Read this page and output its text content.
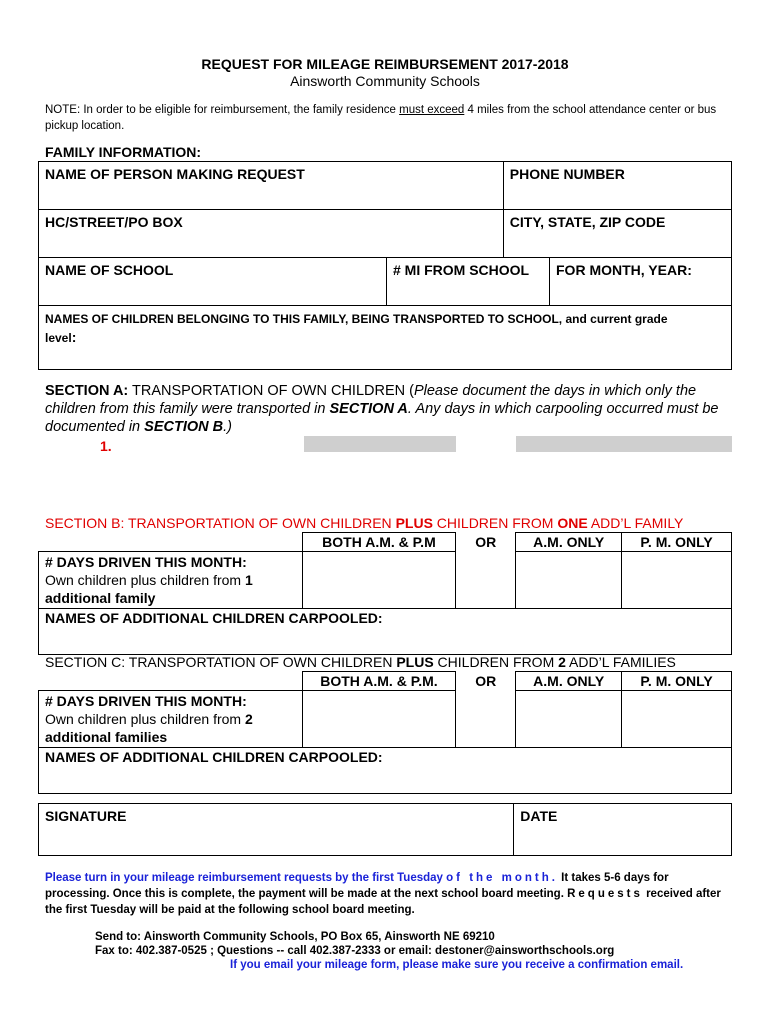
REQUEST FOR MILEAGE REIMBURSEMENT 2017-2018
Ainsworth Community Schools
NOTE: In order to be eligible for reimbursement, the family residence must exceed 4 miles from the school attendance center or bus pickup location.
FAMILY INFORMATION:
NAME OF PERSON MAKING REQUEST		PHONE NUMBER	
HC/STREET/PO BOX		CITY, STATE, ZIP CODE	
NAME OF SCHOOL	# MI FROM SCHOOL		FOR MONTH, YEAR:
NAMES OF CHILDREN BELONGING TO THIS FAMILY, BEING TRANSPORTED TO SCHOOL, and current grade
level:			
SECTION A: TRANSPORTATION OF OWN CHILDREN (Please document the days in which only the children from this family were transported in SECTION A. Any days in which carpooling occurred must be documented in SECTION B.)
1.
SECTION B: TRANSPORTATION OF OWN CHILDREN PLUS CHILDREN FROM ONE ADD’L FAMILY
	BOTH A.M. & P.M	OR	A.M. ONLY	P. M. ONLY
# DAYS DRIVEN THIS MONTH:
Own children plus children from 1
additional family				
NAMES OF ADDITIONAL CHILDREN CARPOOLED:				
SECTION C: TRANSPORTATION OF OWN CHILDREN PLUS CHILDREN FROM 2 ADD’L FAMILIES
	BOTH A.M. & P.M.	OR	A.M. ONLY	P. M. ONLY
# DAYS DRIVEN THIS MONTH:
Own children plus children from 2
additional families				
NAMES OF ADDITIONAL CHILDREN CARPOOLED:				
SIGNATURE	DATE
Please turn in your mileage reimbursement requests by the first Tuesday of the month. It takes 5-6 days for processing. Once this is complete, the payment will be made at the next school board meeting. Requests received after the first Tuesday will be paid at the following school board meeting.
Send to: Ainsworth Community Schools, PO Box 65, Ainsworth NE 69210
Fax to: 402.387-0525 ; Questions -- call 402.387-2333 or email: destoner@ainsworthschools.org
If you email your mileage form, please make sure you receive a confirmation email.
